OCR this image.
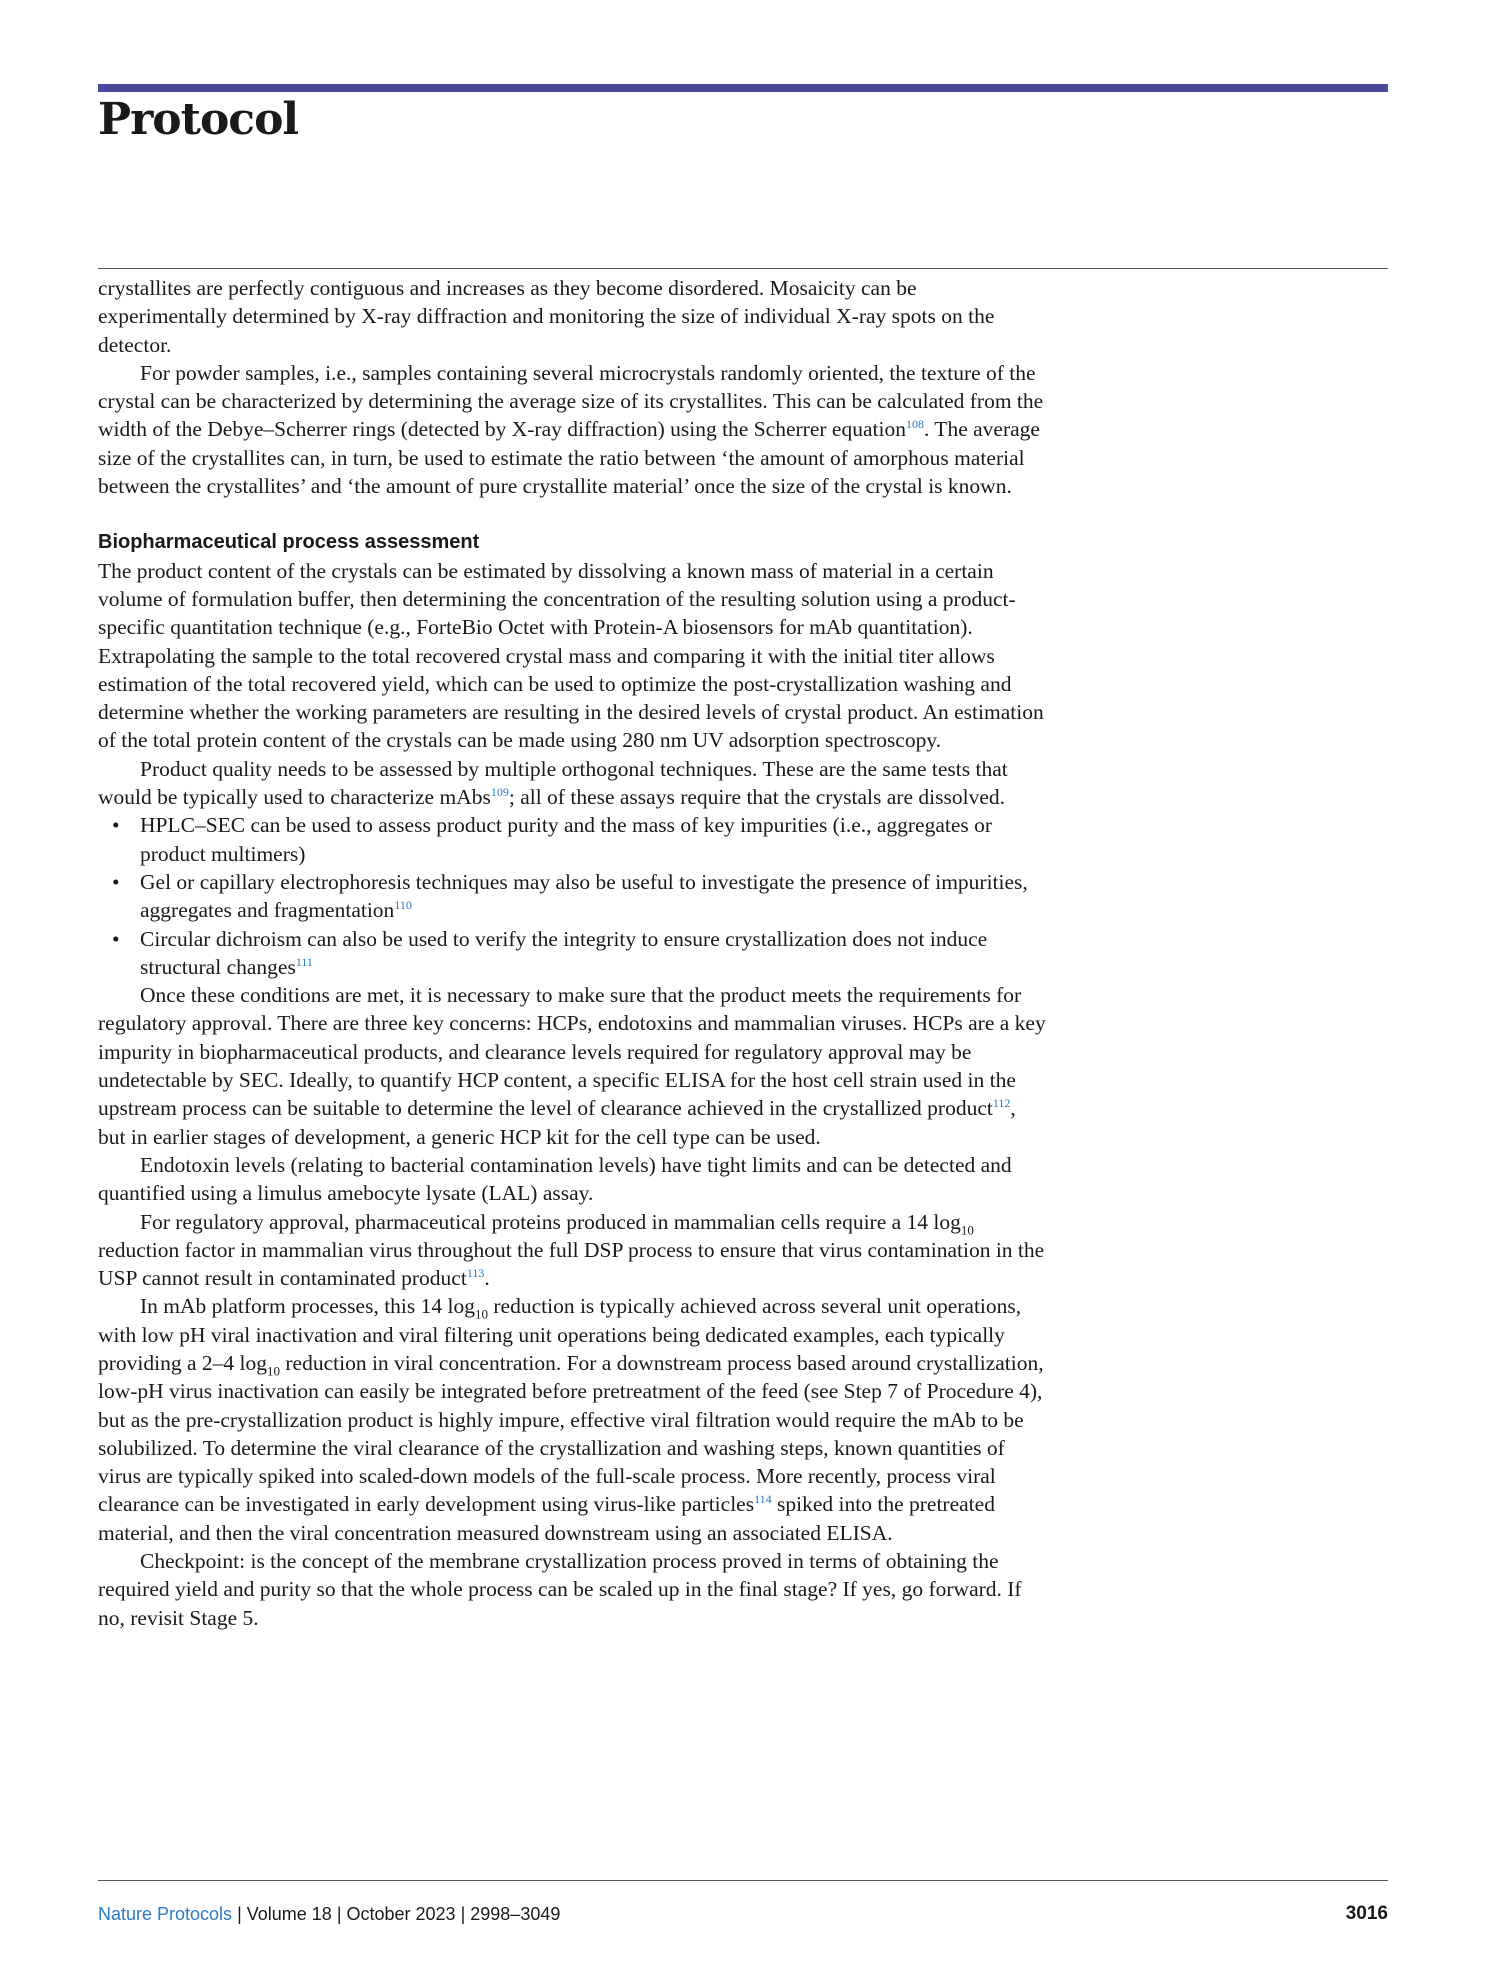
Protocol

crystallites are perfectly contiguous and increases as they become disordered. Mosaicity can be experimentally determined by X-ray diffraction and monitoring the size of individual X-ray spots on the detector.

For powder samples, i.e., samples containing several microcrystals randomly oriented, the texture of the crystal can be characterized by determining the average size of its crystallites. This can be calculated from the width of the Debye–Scherrer rings (detected by X-ray diffraction) using the Scherrer equation$^{108}$. The average size of the crystallites can, in turn, be used to estimate the ratio between ‘the amount of amorphous material between the crystallites’ and ‘the amount of pure crystallite material’ once the size of the crystal is known.

Biopharmaceutical process assessment

The product content of the crystals can be estimated by dissolving a known mass of material in a certain volume of formulation buffer, then determining the concentration of the resulting solution using a product-specific quantitation technique (e.g., ForteBio Octet with Protein-A biosensors for mAb quantitation). Extrapolating the sample to the total recovered crystal mass and comparing it with the initial titer allows estimation of the total recovered yield, which can be used to optimize the post-crystallization washing and determine whether the working parameters are resulting in the desired levels of crystal product. An estimation of the total protein content of the crystals can be made using 280 nm UV adsorption spectroscopy.

Product quality needs to be assessed by multiple orthogonal techniques. These are the same tests that would be typically used to characterize mAbs$^{109}$; all of these assays require that the crystals are dissolved.

• HPLC–SEC can be used to assess product purity and the mass of key impurities (i.e., aggregates or product multimers)
• Gel or capillary electrophoresis techniques may also be useful to investigate the presence of impurities, aggregates and fragmentation$^{110}$
• Circular dichroism can also be used to verify the integrity to ensure crystallization does not induce structural changes$^{111}$

Once these conditions are met, it is necessary to make sure that the product meets the requirements for regulatory approval. There are three key concerns: HCPs, endotoxins and mammalian viruses. HCPs are a key impurity in biopharmaceutical products, and clearance levels required for regulatory approval may be undetectable by SEC. Ideally, to quantify HCP content, a specific ELISA for the host cell strain used in the upstream process can be suitable to determine the level of clearance achieved in the crystallized product$^{112}$, but in earlier stages of development, a generic HCP kit for the cell type can be used.

Endotoxin levels (relating to bacterial contamination levels) have tight limits and can be detected and quantified using a limulus amebocyte lysate (LAL) assay.

For regulatory approval, pharmaceutical proteins produced in mammalian cells require a 14 $\log_{10}$ reduction factor in mammalian virus throughout the full DSP process to ensure that virus contamination in the USP cannot result in contaminated product$^{113}$.

In mAb platform processes, this 14 $\log_{10}$ reduction is typically achieved across several unit operations, with low pH viral inactivation and viral filtering unit operations being dedicated examples, each typically providing a 2–4 $\log_{10}$ reduction in viral concentration. For a downstream process based around crystallization, low-pH virus inactivation can easily be integrated before pretreatment of the feed (see Step 7 of Procedure 4), but as the pre-crystallization product is highly impure, effective viral filtration would require the mAb to be solubilized. To determine the viral clearance of the crystallization and washing steps, known quantities of virus are typically spiked into scaled-down models of the full-scale process. More recently, process viral clearance can be investigated in early development using virus-like particles$^{114}$ spiked into the pretreated material, and then the viral concentration measured downstream using an associated ELISA.

Checkpoint: is the concept of the membrane crystallization process proved in terms of obtaining the required yield and purity so that the whole process can be scaled up in the final stage? If yes, go forward. If no, revisit Stage 5.

Nature Protocols | Volume 18 | October 2023 | 2998–3049	3016
